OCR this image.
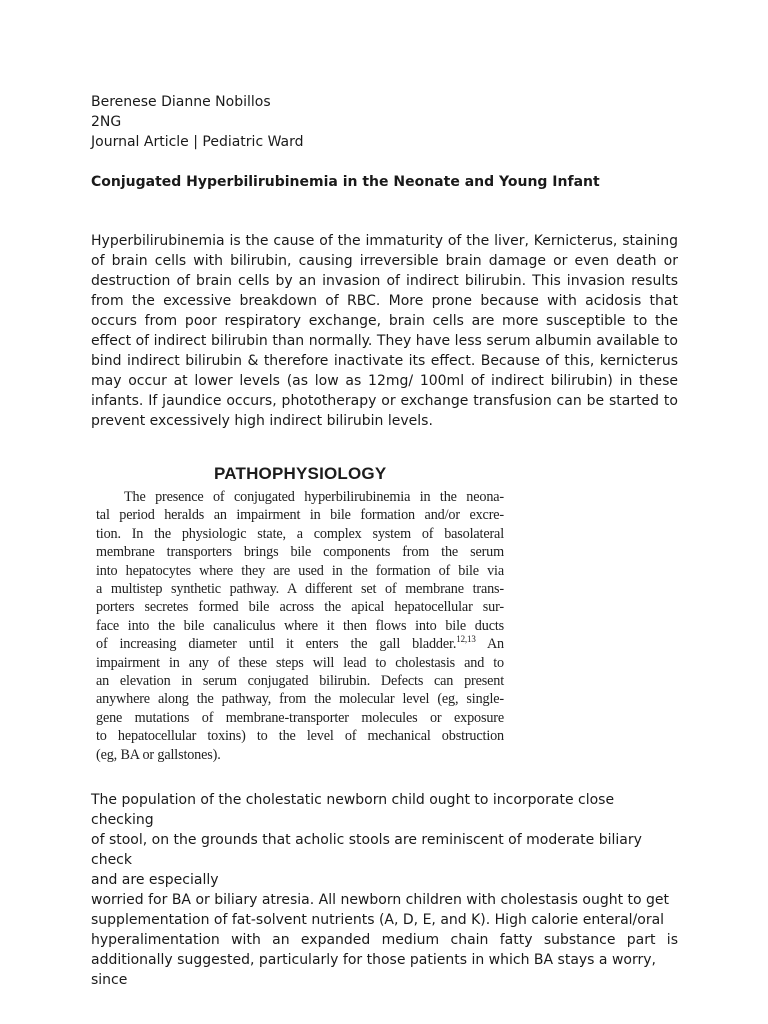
Berenese Dianne Nobillos
2NG
Journal Article | Pediatric Ward
Conjugated Hyperbilirubinemia in the Neonate and Young Infant

Hyperbilirubinemia is the cause of the immaturity of the liver, Kernicterus, staining of brain cells with bilirubin, causing irreversible brain damage or even death or destruction of brain cells by an invasion of indirect bilirubin. This invasion results from the excessive breakdown of RBC. More prone because with acidosis that occurs from poor respiratory exchange, brain cells are more susceptible to the effect of indirect bilirubin than normally. They have less serum albumin available to bind indirect bilirubin & therefore inactivate its effect. Because of this, kernicterus may occur at lower levels (as low as 12mg/ 100ml of indirect bilirubin) in these infants. If jaundice occurs, phototherapy or exchange transfusion can be started to prevent excessively high indirect bilirubin levels.

PATHOPHYSIOLOGY
The presence of conjugated hyperbilirubinemia in the neona-
tal period heralds an impairment in bile formation and/or excre-
tion. In the physiologic state, a complex system of basolateral
membrane transporters brings bile components from the serum
into hepatocytes where they are used in the formation of bile via
a multistep synthetic pathway. A different set of membrane trans-
porters secretes formed bile across the apical hepatocellular sur-
face into the bile canaliculus where it then flows into bile ducts
of increasing diameter until it enters the gall bladder.$^{12,13}$ An
impairment in any of these steps will lead to cholestasis and to
an elevation in serum conjugated bilirubin. Defects can present
anywhere along the pathway, from the molecular level (eg, single-
gene mutations of membrane-transporter molecules or exposure
to hepatocellular toxins) to the level of mechanical obstruction
(eg, BA or gallstones).
The population of the cholestatic newborn child ought to incorporate close checking
of stool, on the grounds that acholic stools are reminiscent of moderate biliary check
and are especially
worried for BA or biliary atresia. All newborn children with cholestasis ought to get
supplementation of fat-solvent nutrients (A, D, E, and K). High calorie enteral/oral
hyperalimentation with an expanded medium chain fatty substance part is
additionally suggested, particularly for those patients in which BA stays a worry, since
